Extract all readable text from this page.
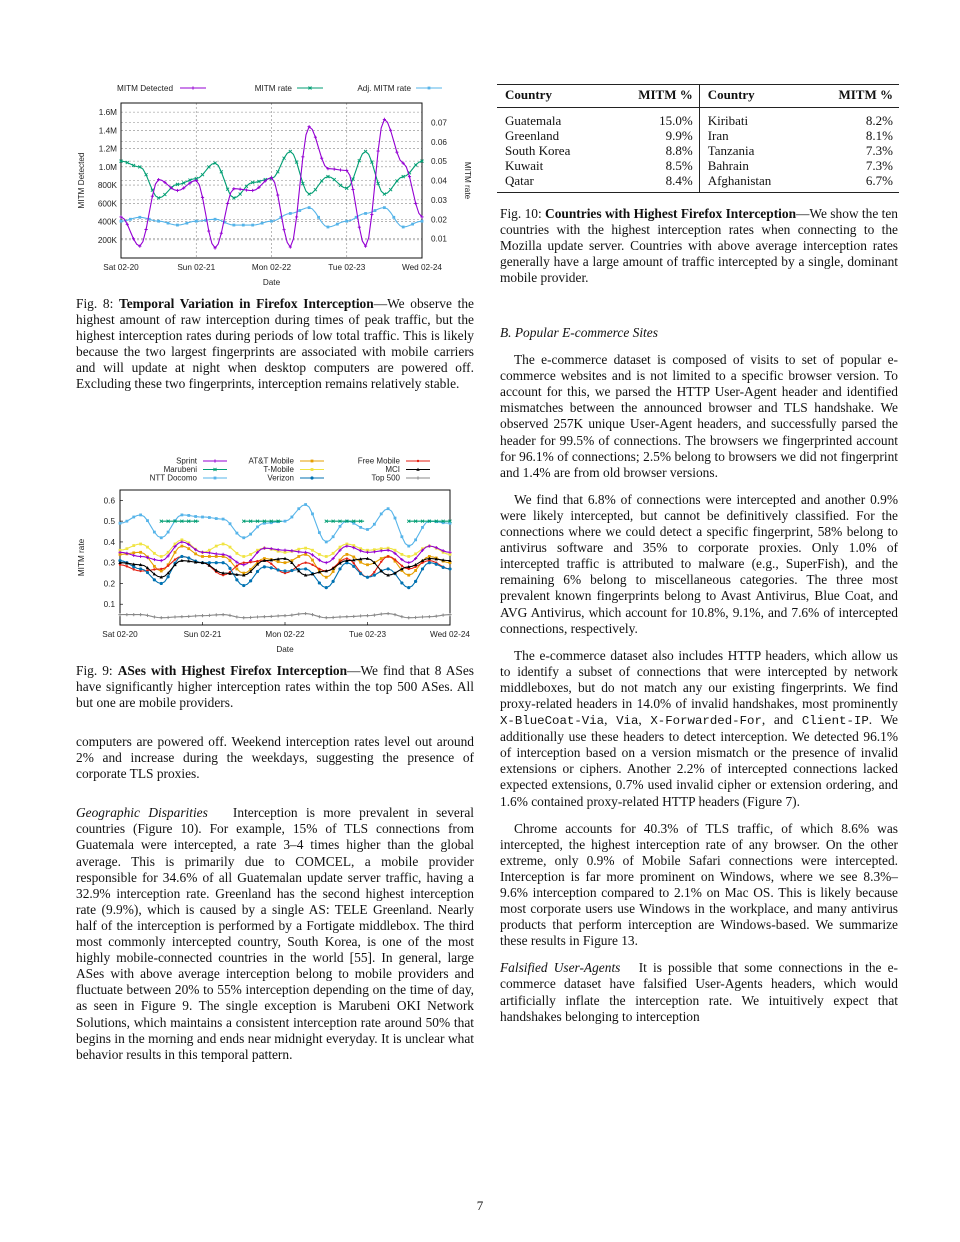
1.6M
1.4M
1.2M
1.0M
800K
600K
400K
200K
0.07
0.06
0.05
0.04
0.03
0.02
0.01
Sat 02-20	Sun 02-21	Mon 02-22	Tue 02-23	Wed 02-24
Date
MITM Detected	MITM rate
MITM Detected	MITM rate	Adj. MITM rate
Fig. 8: Temporal Variation in Firefox Interception—We observe the highest amount of raw interception during times of peak traffic, but the highest interception rates during periods of low total traffic. This is likely because the two largest fingerprints are associated with mobile carriers and will update at night when desktop computers are powered off. Excluding these two fingerprints, interception remains relatively stable.
0.6
0.5
0.4
0.3
0.2
0.1
Sat 02-20	Sun 02-21	Mon 02-22	Tue 02-23	Wed 02-24
Date
MITM rate
Sprint
Marubeni
NTT Docomo
AT&T Mobile
T-Mobile
Verizon
Free Mobile
MCI
Top 500
Fig. 9: ASes with Highest Firefox Interception—We find that 8 ASes have significantly higher interception rates within the top 500 ASes. All but one are mobile providers.

computers are powered off. Weekend interception rates level out around 2% and increase during the weekdays, suggesting the presence of corporate TLS proxies.

Geographic Disparities Interception is more prevalent in several countries (Figure 10). For example, 15% of TLS connections from Guatemala were intercepted, a rate 3–4 times higher than the global average. This is primarily due to COMCEL, a mobile provider responsible for 34.6% of all Guatemalan update server traffic, having a 32.9% interception rate. Greenland has the second highest interception rate (9.9%), which is caused by a single AS: TELE Greenland. Nearly half of the interception is performed by a Fortigate middlebox. The third most commonly intercepted country, South Korea, is one of the most highly mobile-connected countries in the world [55]. In general, large ASes with above average interception belong to mobile providers and fluctuate between 20% to 55% interception depending on the time of day, as seen in Figure 9. The single exception is Marubeni OKI Network Solutions, which maintains a consistent interception rate around 50% that begins in the morning and ends near midnight everyday. It is unclear what behavior results in this temporal pattern.

Country	MITM %	Country	MITM %
Guatemala	15.0%	Kiribati	8.2%
Greenland	9.9%	Iran	8.1%
South Korea	8.8%	Tanzania	7.3%
Kuwait	8.5%	Bahrain	7.3%
Qatar	8.4%	Afghanistan	6.7%
Fig. 10: Countries with Highest Firefox Interception—We show the ten countries with the highest interception rates when connecting to the Mozilla update server. Countries with above average interception rates generally have a large amount of traffic intercepted by a single, dominant mobile provider.
B. Popular E-commerce Sites

The e-commerce dataset is composed of visits to set of popular e-commerce websites and is not limited to a specific browser version. To account for this, we parsed the HTTP User-Agent header and identified mismatches between the announced browser and TLS handshake. We observed 257K unique User-Agent headers, and successfully parsed the header for 99.5% of connections. The browsers we fingerprinted account for 96.1% of connections; 2.5% belong to browsers we did not fingerprint and 1.4% are from old browser versions.

We find that 6.8% of connections were intercepted and another 0.9% were likely intercepted, but cannot be definitively classified. For the connections where we could detect a specific fingerprint, 58% belong to antivirus software and 35% to corporate proxies. Only 1.0% of intercepted traffic is attributed to malware (e.g., SuperFish), and the remaining 6% belong to miscellaneous categories. The three most prevalent known fingerprints belong to Avast Antivirus, Blue Coat, and AVG Antivirus, which account for 10.8%, 9.1%, and 7.6% of intercepted connections, respectively.

The e-commerce dataset also includes HTTP headers, which allow us to identify a subset of connections that were intercepted by network middleboxes, but do not match any our existing fingerprints. We find proxy-related headers in 14.0% of invalid handshakes, most prominently X-BlueCoat-Via, Via, X-Forwarded-For, and Client-IP. We additionally use these headers to detect interception. We detected 96.1% of interception based on a version mismatch or the presence of invalid extensions or ciphers. Another 2.2% of intercepted connections lacked expected extensions, 0.7% used invalid cipher or extension ordering, and 1.6% contained proxy-related HTTP headers (Figure 7).

Chrome accounts for 40.3% of TLS traffic, of which 8.6% was intercepted, the highest interception rate of any browser. On the other extreme, only 0.9% of Mobile Safari connections were intercepted. Interception is far more prominent on Windows, where we see 8.3%–9.6% interception compared to 2.1% on Mac OS. This is likely because most corporate users use Windows in the workplace, and many antivirus products that perform interception are Windows-based. We summarize these results in Figure 13.

Falsified User-Agents It is possible that some connections in the e-commerce dataset have falsified User-Agents headers, which would artificially inflate the interception rate. We intuitively expect that handshakes belonging to interception

7
